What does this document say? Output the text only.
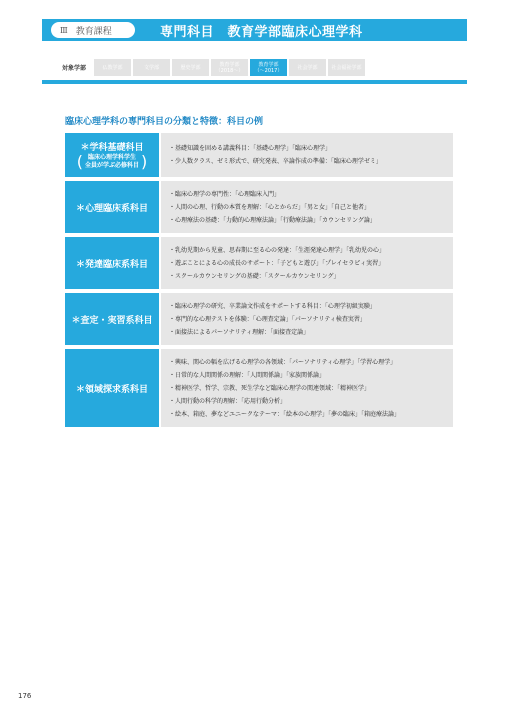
Ⅲ 教育課程	専門科目　教育学部臨床心理学科
対象学部	仏教学部	文学部	歴史学部	教育学部
（2018～）
教育学部
（～2017）	社会学部	社会福祉学部
臨床心理学科の専門科目の分類と特徴：科目の例
＊学科基礎科目
( 臨床心理学科学生
全員が学ぶ必修科目 )
・基礎知識を固める講義科目：「基礎心理学」「臨床心理学」
・少人数クラス、ゼミ形式で、研究発表、卒論作成の準備：「臨床心理学ゼミ」
＊心理臨床系科目
・臨床心理学の専門性：「心理臨床入門」
・人間の心理、行動の本質を理解：「心とからだ」「男と女」「自己と他者」
・心理療法の基礎：「力動的心理療法論」「行動療法論」「カウンセリング論」
＊発達臨床系科目
・乳幼児期から児童、思春期に至る心の発達：「生涯発達心理学」「乳幼児の心」
・遊ぶことによる心の成長のサポート：「子どもと遊び」「プレイセラピィ実習」
・スクールカウンセリングの基礎：「スクールカウンセリング」
＊査定・実習系科目
・臨床心理学の研究、卒業論文作成をサポートする科目：「心理学初級実験」
・専門的な心理テストを体験：「心理査定論」「パーソナリティ検査実習」
・面接法によるパーソナリティ理解：「面接査定論」
＊領域探求系科目
・興味、関心の幅を広げる心理学の各領域：「パーソナリティ心理学」「学習心理学」
・日常的な人間関係の理解：「人間関係論」「家族関係論」
・精神医学、哲学、宗教、死生学など臨床心理学の関連領域：「精神医学」
・人間行動の科学的理解：「応用行動分析」
・絵本、箱庭、夢などユニークなテーマ：「絵本の心理学」「夢の臨床」「箱庭療法論」
176
